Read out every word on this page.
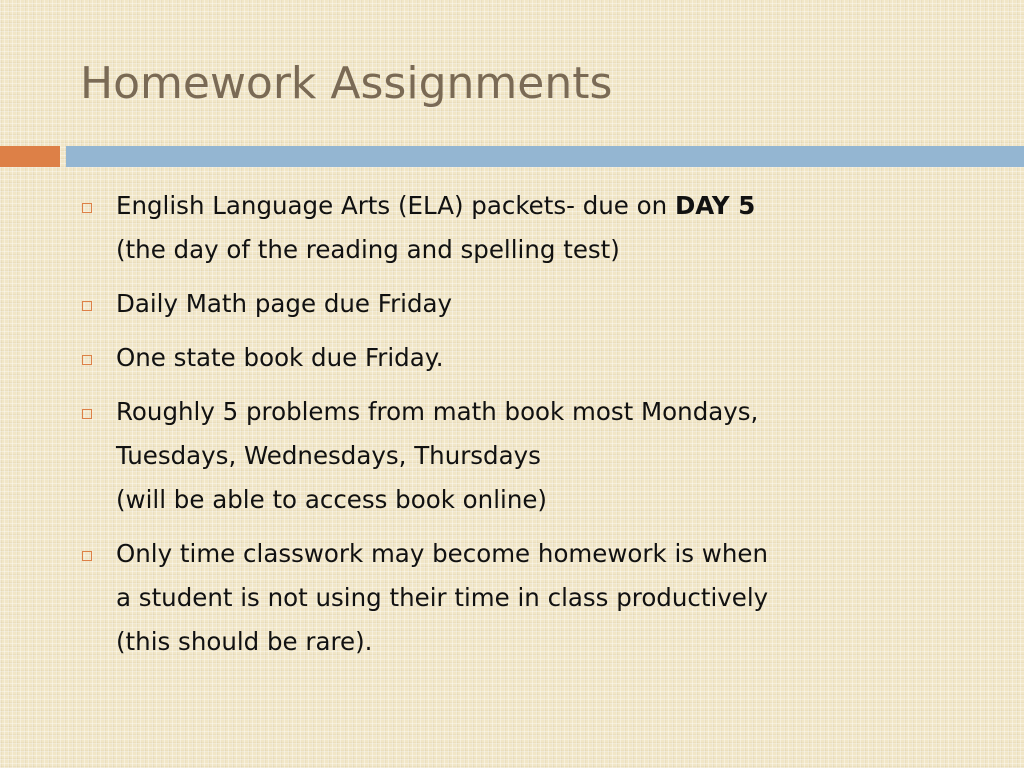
Homework Assignments
English Language Arts (ELA) packets- due on DAY 5
(the day of the reading and spelling test)
Daily Math page due Friday
One state book due Friday.
Roughly 5 problems from math book most Mondays,
Tuesdays, Wednesdays, Thursdays
(will be able to access book online)
Only time classwork may become homework is when
a student is not using their time in class productively
(this should be rare).
